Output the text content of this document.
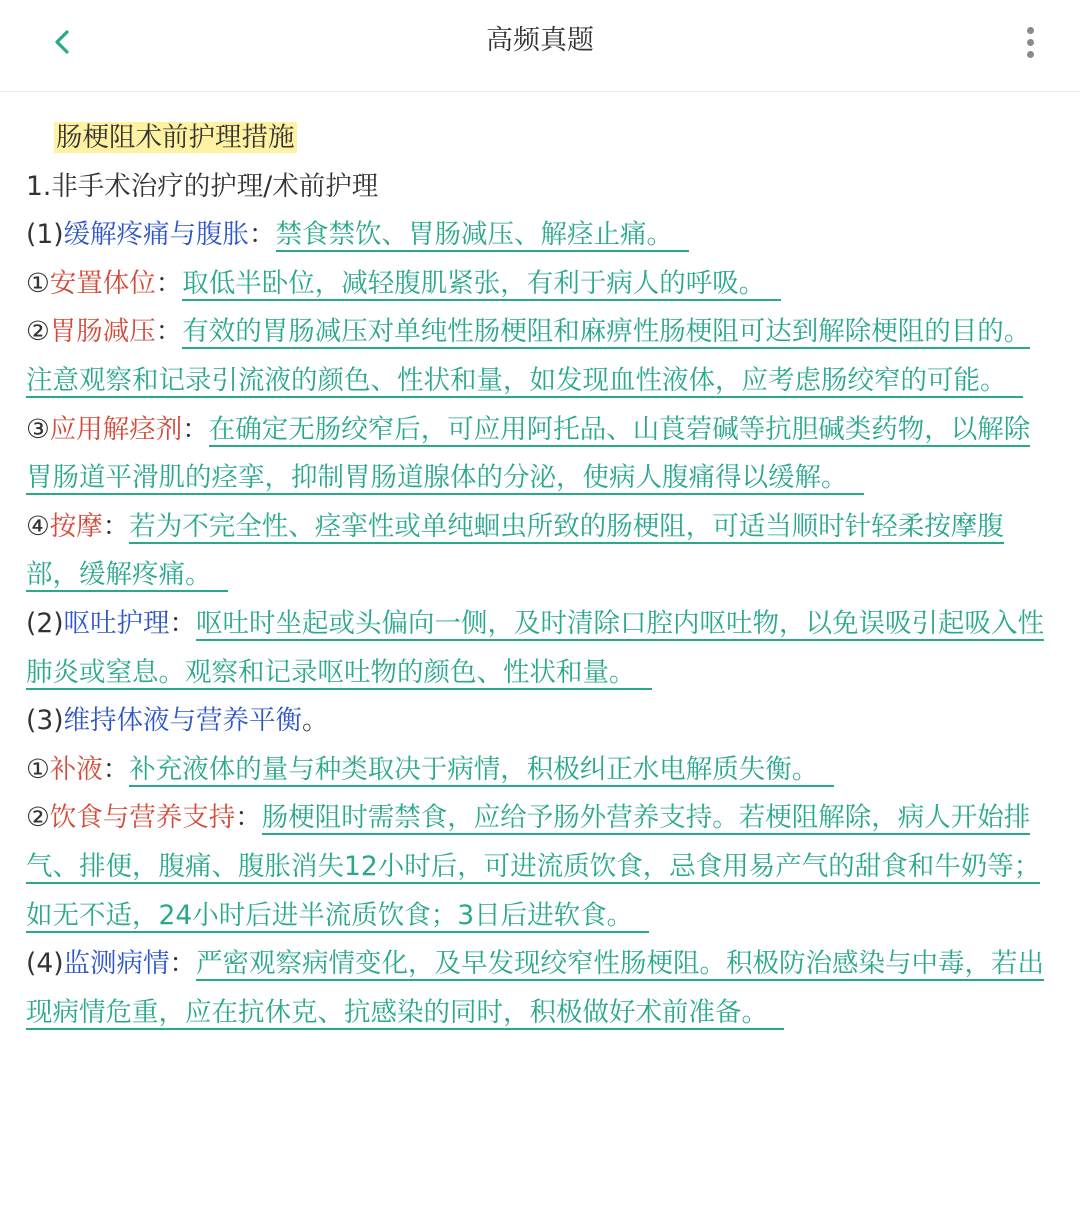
高频真题
肠梗阻术前护理措施
1.非手术治疗的护理/术前护理
(1)缓解疼痛与腹胀：禁食禁饮、胃肠减压、解痉止痛。
①安置体位：取低半卧位，减轻腹肌紧张，有利于病人的呼吸。
②胃肠减压：有效的胃肠减压对单纯性肠梗阻和麻痹性肠梗阻可达到解除梗阻的目的。注意观察和记录引流液的颜色、性状和量，如发现血性液体，应考虑肠绞窄的可能。
③应用解痉剂：在确定无肠绞窄后，可应用阿托品、山莨菪碱等抗胆碱类药物，以解除胃肠道平滑肌的痉挛，抑制胃肠道腺体的分泌，使病人腹痛得以缓解。
④按摩：若为不完全性、痉挛性或单纯蛔虫所致的肠梗阻，可适当顺时针轻柔按摩腹部，缓解疼痛。
(2)呕吐护理：呕吐时坐起或头偏向一侧，及时清除口腔内呕吐物，以免误吸引起吸入性肺炎或窒息。观察和记录呕吐物的颜色、性状和量。
(3)维持体液与营养平衡。
①补液：补充液体的量与种类取决于病情，积极纠正水电解质失衡。
②饮食与营养支持：肠梗阻时需禁食，应给予肠外营养支持。若梗阻解除，病人开始排气、排便，腹痛、腹胀消失12小时后，可进流质饮食，忌食用易产气的甜食和牛奶等；如无不适，24小时后进半流质饮食；3日后进软食。
(4)监测病情：严密观察病情变化，及早发现绞窄性肠梗阻。积极防治感染与中毒，若出现病情危重，应在抗休克、抗感染的同时，积极做好术前准备。
